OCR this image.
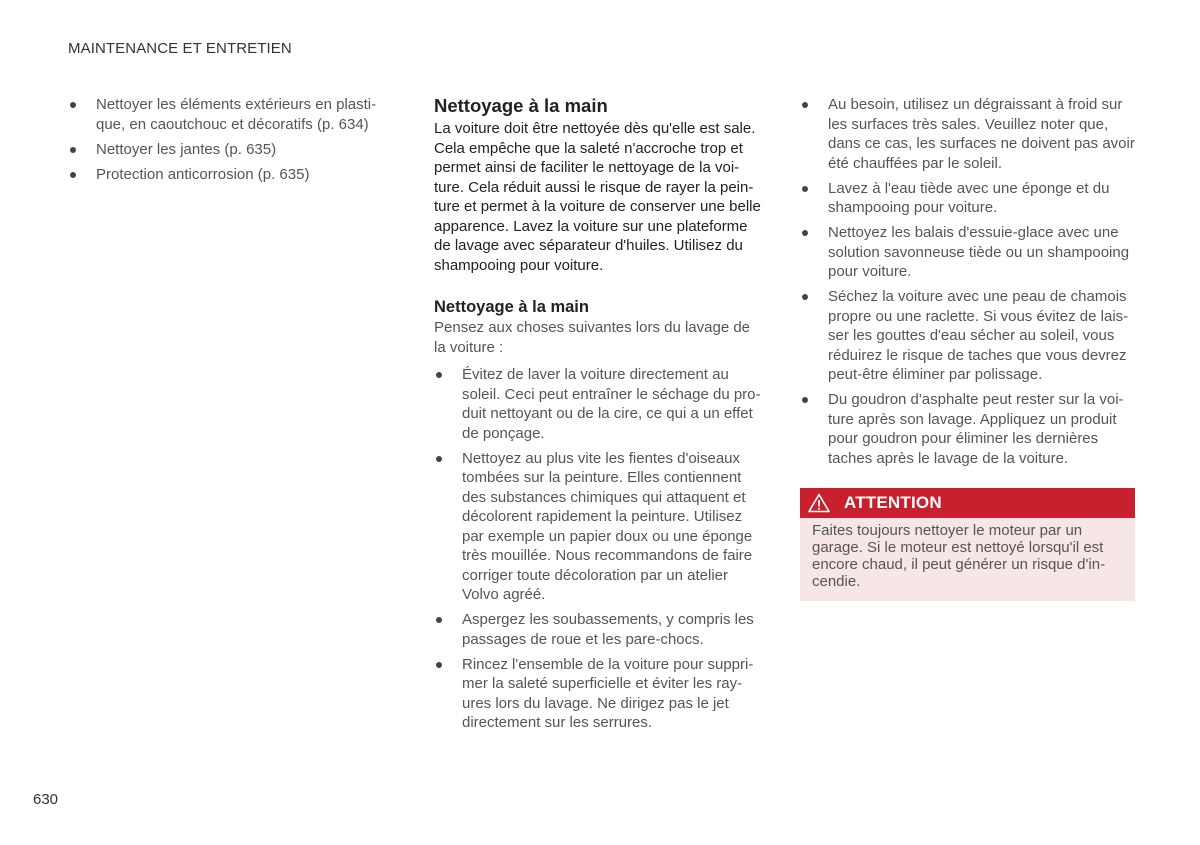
MAINTENANCE ET ENTRETIEN
Nettoyer les éléments extérieurs en plastique, en caoutchouc et décoratifs (p. 634)
Nettoyer les jantes (p. 635)
Protection anticorrosion (p. 635)
Nettoyage à la main

La voiture doit être nettoyée dès qu'elle est sale. Cela empêche que la saleté n'accroche trop et permet ainsi de faciliter le nettoyage de la voiture. Cela réduit aussi le risque de rayer la peinture et permet à la voiture de conserver une belle apparence. Lavez la voiture sur une plateforme de lavage avec séparateur d'huiles. Utilisez du shampooing pour voiture.

Nettoyage à la main

Pensez aux choses suivantes lors du lavage de la voiture :

Évitez de laver la voiture directement au soleil. Ceci peut entraîner le séchage du produit nettoyant ou de la cire, ce qui a un effet de ponçage.
Nettoyez au plus vite les fientes d'oiseaux tombées sur la peinture. Elles contiennent des substances chimiques qui attaquent et décolorent rapidement la peinture. Utilisez par exemple un papier doux ou une éponge très mouillée. Nous recommandons de faire corriger toute décoloration par un atelier Volvo agréé.
Aspergez les soubassements, y compris les passages de roue et les pare-chocs.
Rincez l'ensemble de la voiture pour supprimer la saleté superficielle et éviter les rayures lors du lavage. Ne dirigez pas le jet directement sur les serrures.
Au besoin, utilisez un dégraissant à froid sur les surfaces très sales. Veuillez noter que, dans ce cas, les surfaces ne doivent pas avoir été chauffées par le soleil.
Lavez à l'eau tiède avec une éponge et du shampooing pour voiture.
Nettoyez les balais d'essuie-glace avec une solution savonneuse tiède ou un shampooing pour voiture.
Séchez la voiture avec une peau de chamois propre ou une raclette. Si vous évitez de laisser les gouttes d'eau sécher au soleil, vous réduirez le risque de taches que vous devrez peut-être éliminer par polissage.
Du goudron d'asphalte peut rester sur la voiture après son lavage. Appliquez un produit pour goudron pour éliminer les dernières taches après le lavage de la voiture.
ATTENTION

Faites toujours nettoyer le moteur par un garage. Si le moteur est nettoyé lorsqu'il est encore chaud, il peut générer un risque d'incendie.

630
